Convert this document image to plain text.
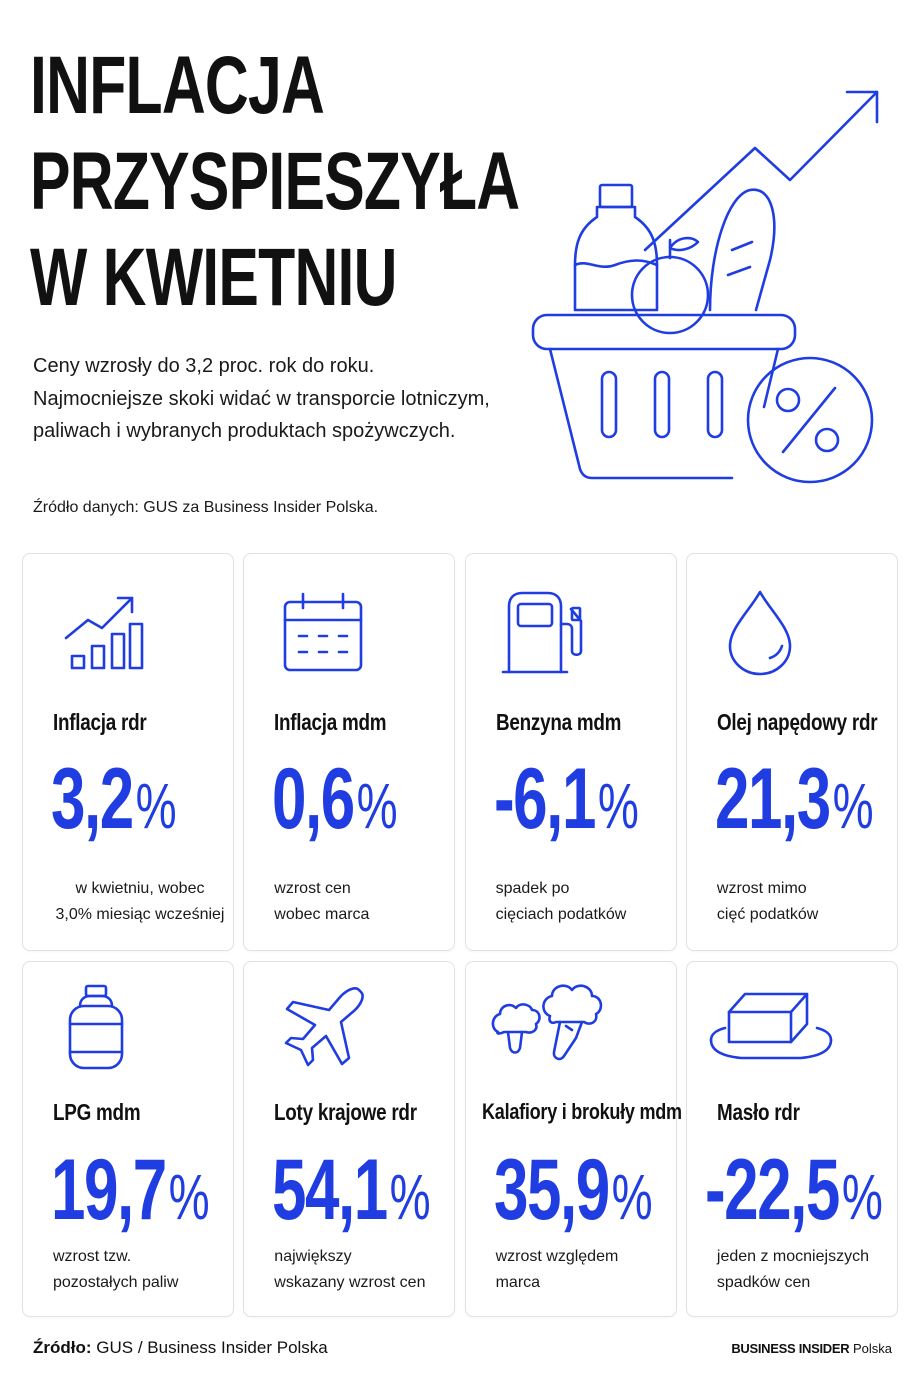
INFLACJA
PRZYSPIESZYŁA
W KWIETNIU

Ceny wzrosły do 3,2 proc. rok do roku. Najmocniejsze skoki widać w transporcie lotniczym, paliwach i wybranych produktach spożywczych.

Źródło danych: GUS za Business Insider Polska.

Inflacja rdr
3,2%

w kwietniu, wobec
3,0% miesiąc wcześniej

Inflacja mdm
0,6%

wzrost cen
wobec marca

Benzyna mdm
-6,1%

spadek po
cięciach podatków

Olej napędowy rdr
21,3%

wzrost mimo
cięć podatków

LPG mdm
19,7%

wzrost tzw.
pozostałych paliw

Loty krajowe rdr
54,1%

największy
wskazany wzrost cen

Kalafiory i brokuły mdm
35,9%

wzrost względem
marca

Masło rdr
-22,5%

jeden z mocniejszych
spadków cen

Źródło: GUS / Business Insider Polska	BUSINESS INSIDER Polska
